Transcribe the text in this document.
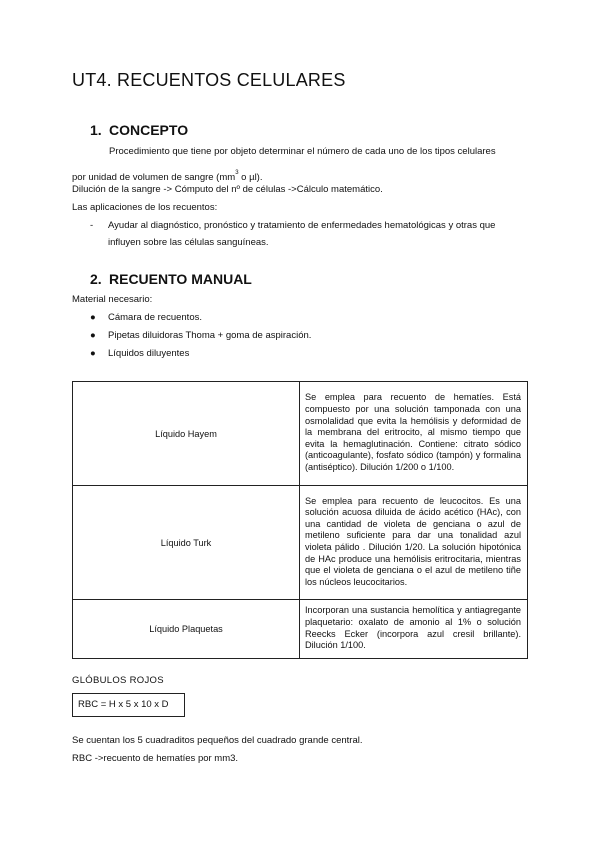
UT4. RECUENTOS CELULARES
1. CONCEPTO
Procedimiento que tiene por objeto determinar el número de cada uno de los tipos celulares
por unidad de volumen de sangre ($mm^3$ o µl).
Dilución de la sangre -> Cómputo del nº de células ->Cálculo matemático.
Las aplicaciones de los recuentos:
- Ayudar al diagnóstico, pronóstico y tratamiento de enfermedades hematológicas y otras que
influyen sobre las células sanguíneas.
2. RECUENTO MANUAL
Material necesario:
● Cámara de recuentos.
● Pipetas diluidoras Thoma + goma de aspiración.
● Líquidos diluyentes
Líquido Hayem	Se emplea para recuento de hematíes. Está compuesto por una solución tamponada con una osmolalidad que evita la hemólisis y deformidad de la membrana del eritrocito, al mismo tiempo que evita la hemaglutinación. Contiene: citrato sódico (anticoagulante), fosfato sódico (tampón) y formalina (antiséptico). Dilución 1/200 o 1/100.
Líquido Turk	Se emplea para recuento de leucocitos. Es una solución acuosa diluida de ácido acético (HAc), con una cantidad de violeta de genciana o azul de metileno suficiente para dar una tonalidad azul violeta pálido . Dilución 1/20. La solución hipotónica de HAc produce una hemólisis eritrocitaria, mientras que el violeta de genciana o el azul de metileno tiñe los núcleos leucocitarios.
Líquido Plaquetas	Incorporan una sustancia hemolítica y antiagregante plaquetario: oxalato de amonio al 1% o solución Reecks Ecker (incorpora azul cresil brillante). Dilución 1/100.
GLÓBULOS ROJOS
RBC = H x 5 x 10 x D
Se cuentan los 5 cuadraditos pequeños del cuadrado grande central.
RBC ->recuento de hematíes por mm3.
